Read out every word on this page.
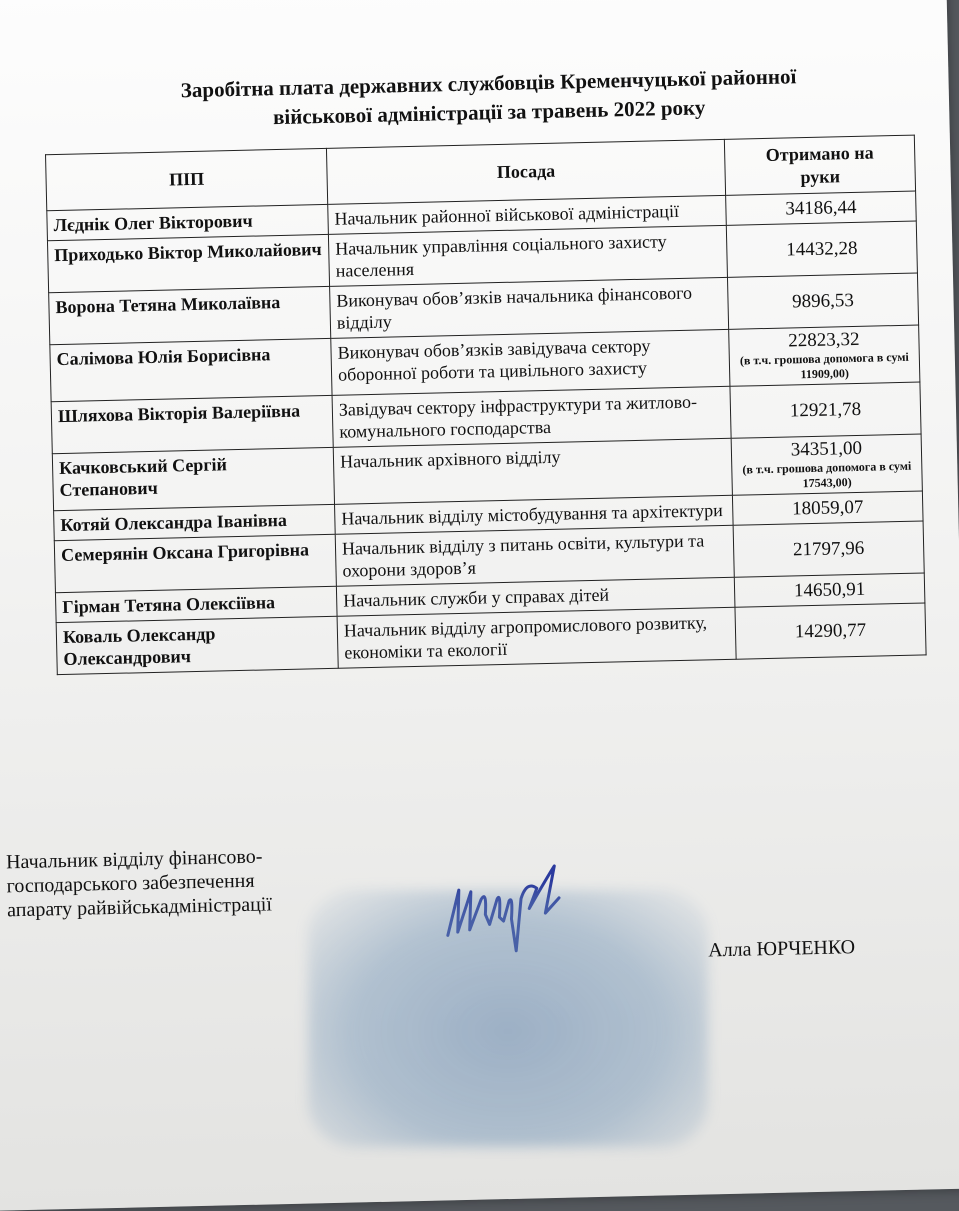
Заробітна плата державних службовців Кременчуцької районної
військової адміністрації за травень 2022 року
ПІП	Посада	Отримано на
руки
Лєднік Олег Вікторович	Начальник районної військової адміністрації	34186,44

Приходько Віктор Миколайович	Начальник управління соціального захисту населення	14432,28

Ворона Тетяна Миколаївна	Виконувач обов’язків начальника фінансового відділу	9896,53

Салімова Юлія Борисівна	Виконувач обов’язків завідувача сектору оборонної роботи та цивільного захисту	22823,32
(в т.ч. грошова допомога в сумі 11909,00)

Шляхова Вікторія Валеріївна	Завідувач сектору інфраструктури та житлово-комунального господарства	12921,78

Качковський Сергій Степанович	Начальник архівного відділу	34351,00
(в т.ч. грошова допомога в сумі 17543,00)

Котяй Олександра Іванівна	Начальник відділу містобудування та архітектури	18059,07

Семерянін Оксана Григорівна	Начальник відділу з питань освіти, культури та охорони здоров’я	21797,96

Гірман Тетяна Олексіївна	Начальник служби у справах дітей	14650,91

Коваль Олександр Олександрович	Начальник відділу агропромислового розвитку, економіки та екології	14290,77
Начальник відділу фінансово-
господарського забезпечення
апарату райвійськадміністрації
Алла ЮРЧЕНКО
